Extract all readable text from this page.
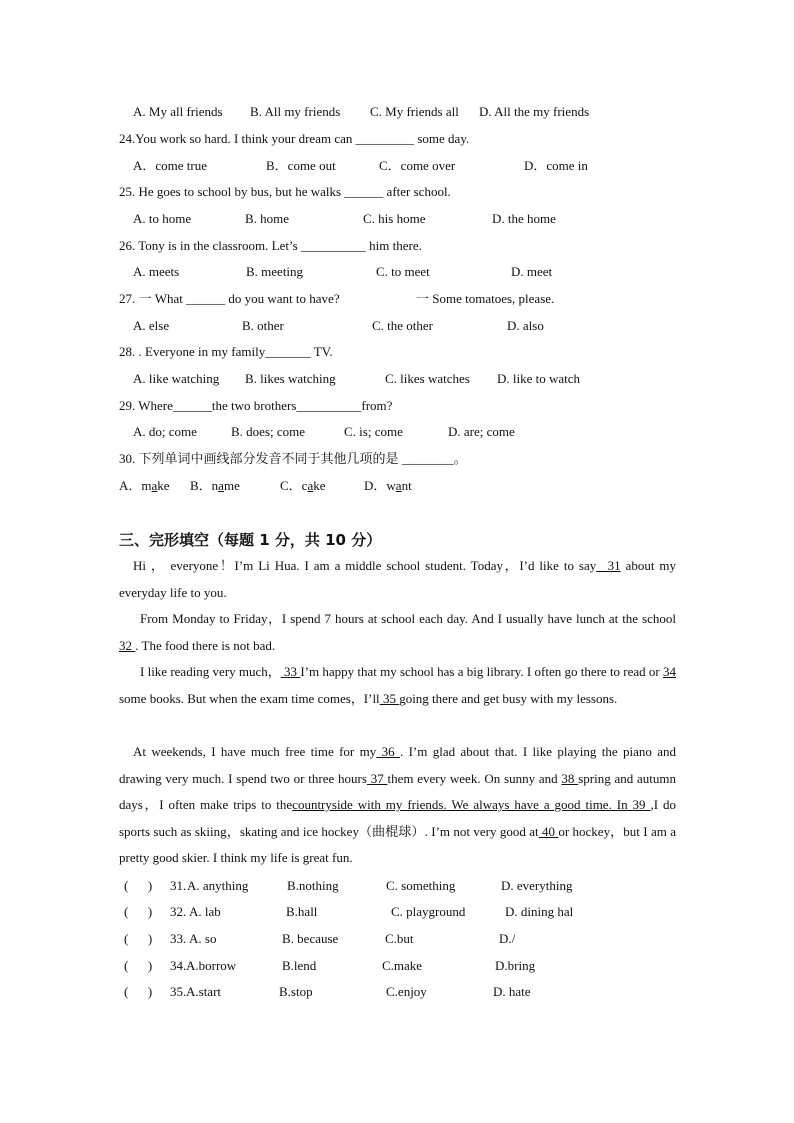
A. My all friends B. All my friends C. My friends all D. All the my friends
24.You work so hard. I think your dream can _________ some day.
A．come true	B．come out	C．come over	D．come in
25. He goes to school by bus, but he walks ______ after school.
A. to home	B. home	C. his home	D. the home
26. Tony is in the classroom. Let’s __________ him there.
A. meets	B. meeting	C. to meet	D. meet
27. 一 What ______ do you want to have?	一 Some tomatoes, please.
A. else	B. other	C. the other	D. also
28. . Everyone in my family_______ TV.
A. like watching B. likes watching	C. likes watches D. like to watch
29. Where______the two brothers__________from?
A. do; come	B. does; come	C. is; come	D. are; come
30. 下列单词中画线部分发音不同于其他几项的是 ________。
A．make B．name	C．cake	D．want
三、完形填空（每题 1 分，共 10 分）
Hi ， everyone！I’m Li Hua. I am a middle school student. Today，I’d like to say_ 31 about my everyday life to you.
From Monday to Friday，I spend 7 hours at school each day. And I usually have lunch at the school 32 . The food there is not bad.
I like reading very much， 33 I’m happy that my school has a big library. I often go there to read or 34 some books. But when the exam time comes，I’ll 35 going there and get busy with my lessons.
At weekends, I have much free time for my 36 . I’m glad about that. I like playing the piano and drawing very much. I spend two or three hours 37 them every week. On sunny and 38 spring and autumn days，I often make trips to thecountryside with my friends. We always have a good time. In 39 ,I do sports such as skiing，skating and ice hockey（曲棍球）. I’m not very good at 40 or hockey，but I am a pretty good skier. I think my life is great fun.
(      ) 31. A. anything	B.nothing	C. something	D. everything
(      ) 32. A. lab	B.hall	C. playground	D. dining hal
(      ) 33. A. so	B. because	C.but	D./
(      ) 34. A.borrow	B.lend	C.make	D.bring
(      ) 35. A.start	B.stop	C.enjoy	D. hate
